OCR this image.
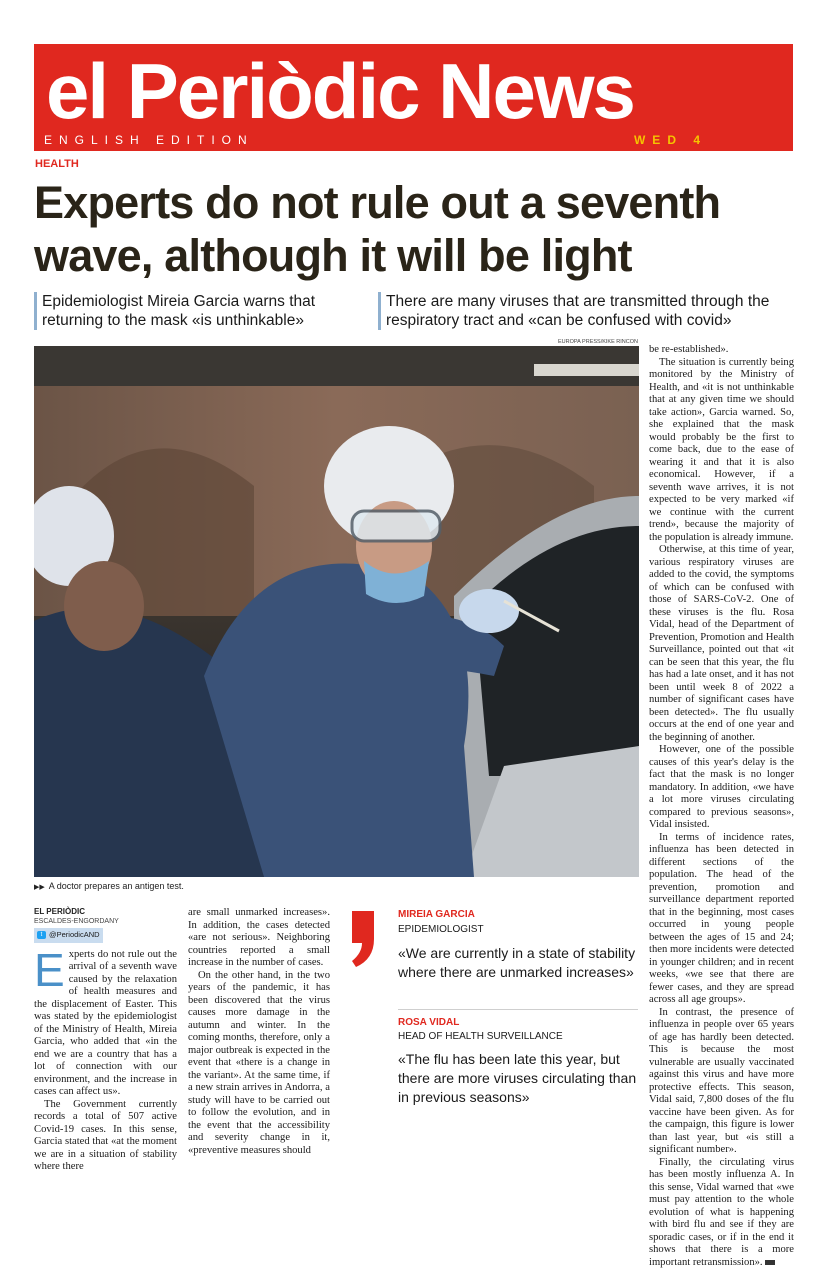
el Periòdic News
ENGLISH EDITION	WED 4
HEALTH
Experts do not rule out a seventh wave, although it will be light
Epidemiologist Mireia Garcia warns that returning to the mask «is unthinkable»
There are many viruses that are transmitted through the respiratory tract and «can be confused with covid»
EUROPA PRESS/KIKE RINCON
▶▶ A doctor prepares an antigen test.
EL PERIÒDIC
ESCALDES-ENGORDANY
t @PeriodicAND

Experts do not rule out the arrival of a seventh wave caused by the relaxation of health measures and the displacement of Easter. This was stated by the epidemiologist of the Ministry of Health, Mireia Garcia, who added that «in the end we are a country that has a lot of connection with our environment, and the increase in cases can affect us».

The Government currently records a total of 507 active Covid-19 cases. In this sense, Garcia stated that «at the moment we are in a situation of stability where there

are small unmarked increases». In addition, the cases detected «are not serious». Neighboring countries reported a small increase in the number of cases.

On the other hand, in the two years of the pandemic, it has been discovered that the virus causes more damage in the autumn and winter. In the coming months, therefore, only a major outbreak is expected in the event that «there is a change in the variant». At the same time, if a new strain arrives in Andorra, a study will have to be carried out to follow the evolution, and in the event that the accessibility and severity change in it, «preventive measures should

MIREIA GARCIA
EPIDEMIOLOGIST
«We are currently in a state of stability where there are unmarked increases»
ROSA VIDAL
HEAD OF HEALTH SURVEILLANCE
«The flu has been late this year, but there are more viruses circulating than in previous seasons»

be re-established».

The situation is currently being monitored by the Ministry of Health, and «it is not unthinkable that at any given time we should take action», Garcia warned. So, she explained that the mask would probably be the first to come back, due to the ease of wearing it and that it is also economical. However, if a seventh wave arrives, it is not expected to be very marked «if we continue with the current trend», because the majority of the population is already immune.

Otherwise, at this time of year, various respiratory viruses are added to the covid, the symptoms of which can be confused with those of SARS-CoV-2. One of these viruses is the flu. Rosa Vidal, head of the Department of Prevention, Promotion and Health Surveillance, pointed out that «it can be seen that this year, the flu has had a late onset, and it has not been until week 8 of 2022 a number of significant cases have been detected». The flu usually occurs at the end of one year and the beginning of another.

However, one of the possible causes of this year's delay is the fact that the mask is no longer mandatory. In addition, «we have a lot more viruses circulating compared to previous seasons», Vidal insisted.

In terms of incidence rates, influenza has been detected in different sections of the population. The head of the prevention, promotion and surveillance department reported that in the beginning, most cases occurred in young people between the ages of 15 and 24; then more incidents were detected in younger children; and in recent weeks, «we see that there are fewer cases, and they are spread across all age groups».

In contrast, the presence of influenza in people over 65 years of age has hardly been detected. This is because the most vulnerable are usually vaccinated against this virus and have more protective effects. This season, Vidal said, 7,800 doses of the flu vaccine have been given. As for the campaign, this figure is lower than last year, but «is still a significant number».

Finally, the circulating virus has been mostly influenza A. In this sense, Vidal warned that «we must pay attention to the whole evolution of what is happening with bird flu and see if they are sporadic cases, or if in the end it shows that there is a more important retransmission».
